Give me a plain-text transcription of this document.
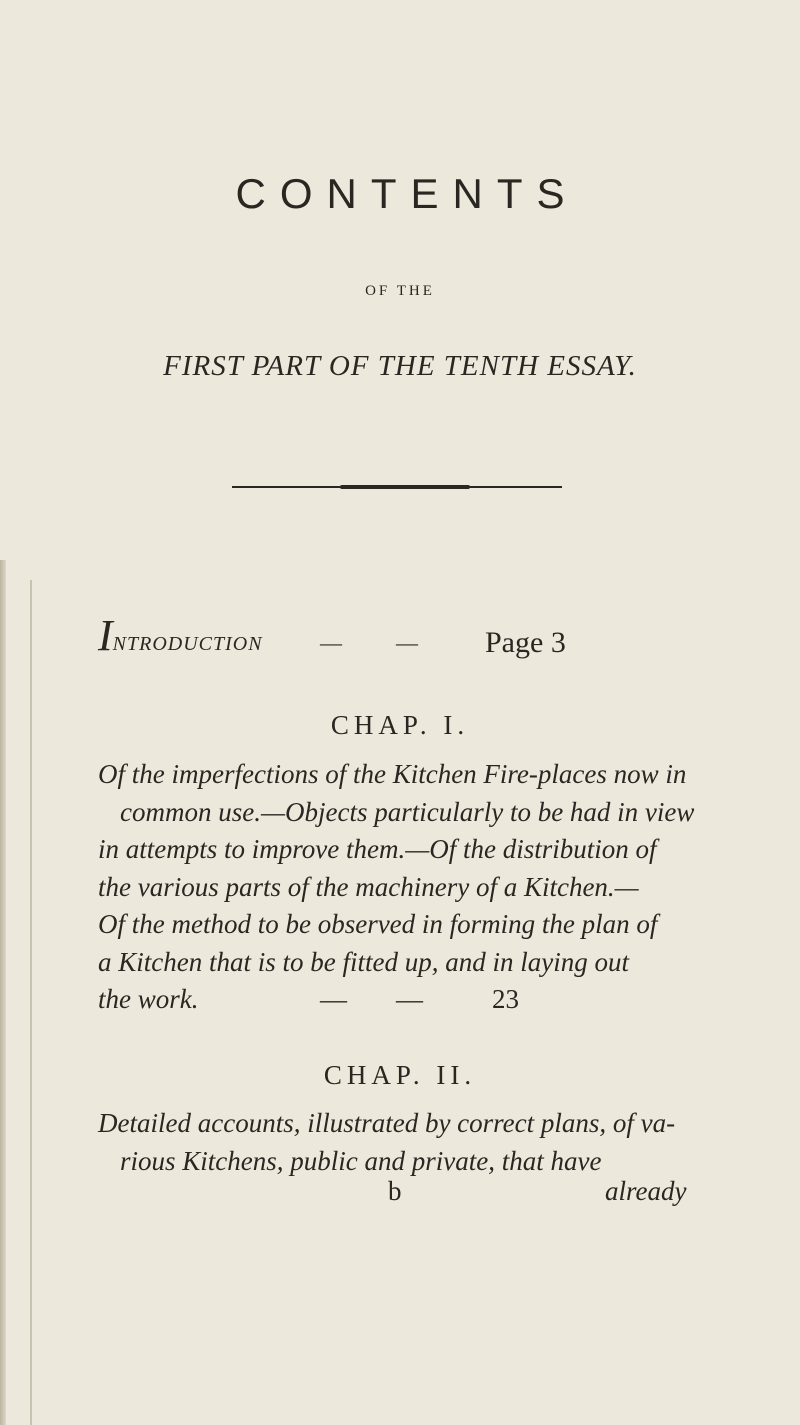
CONTENTS
OF THE
FIRST PART OF THE TENTH ESSAY.
INTRODUCTION	— — Page 3
CHAP. I.
Of the imperfections of the Kitchen Fire-places now in
common use.—Objects particularly to be had in view
in attempts to improve them.—Of the distribution of
the various parts of the machinery of a Kitchen.—
Of the method to be observed in forming the plan of
a Kitchen that is to be fitted up, and in laying out
the work.	— —	23
CHAP. II.
Detailed accounts, illustrated by correct plans, of va-
rious Kitchens, public and private, that have
b	already
